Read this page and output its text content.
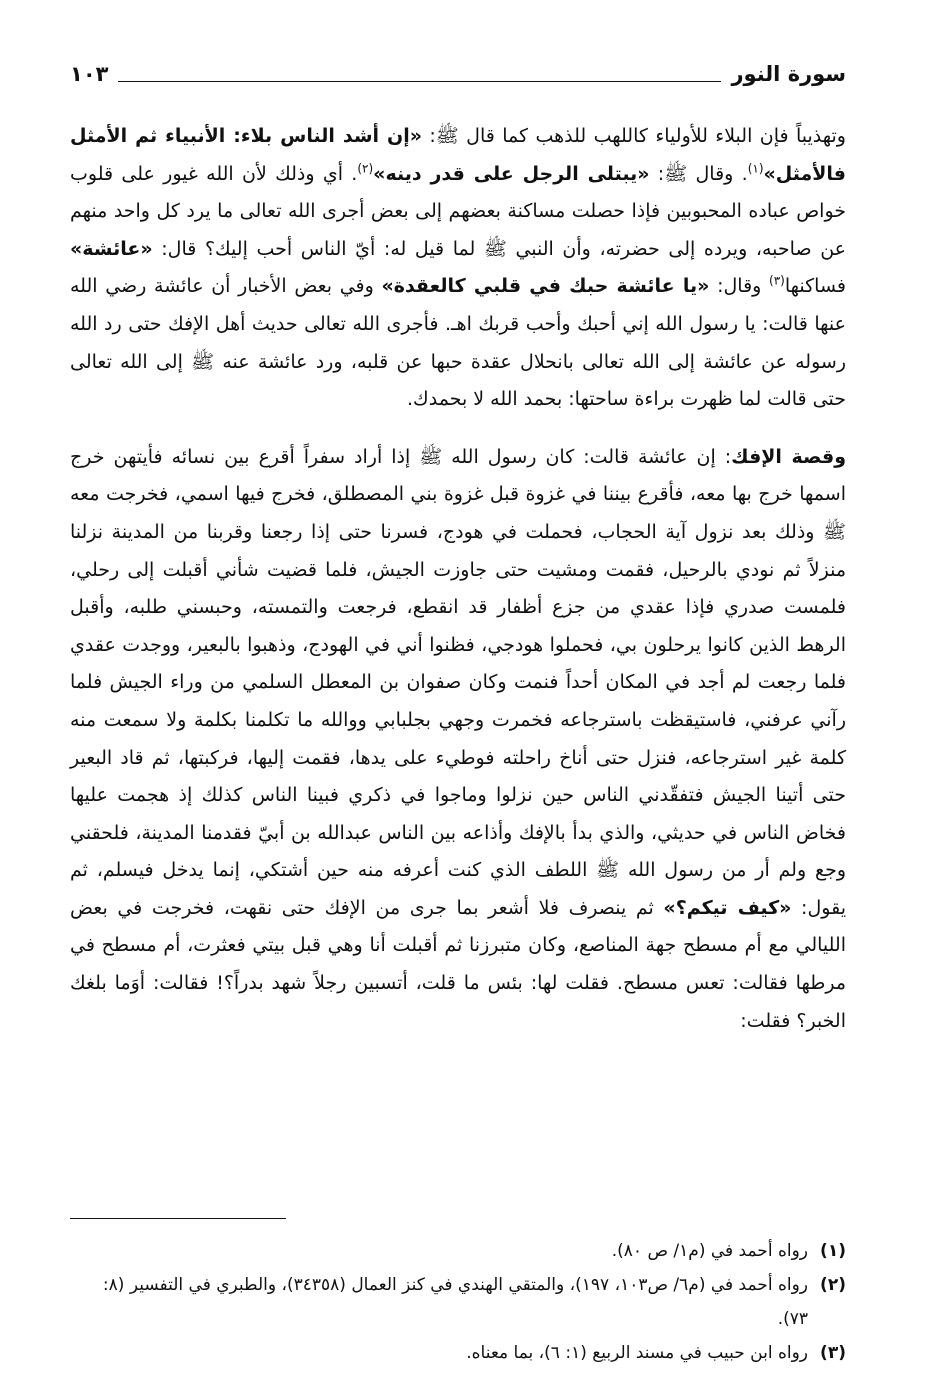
سورة النور
١٠٣

وتهذيباً فإن البلاء للأولياء كاللهب للذهب كما قال ﷺ: «إن أشد الناس بلاء: الأنبياء ثم الأمثل فالأمثل»$^{(١)}$. وقال ﷺ: «يبتلى الرجل على قدر دينه»$^{(٢)}$. أي وذلك لأن الله غيور على قلوب خواص عباده المحبوبين فإذا حصلت مساكنة بعضهم إلى بعض أجرى الله تعالى ما يرد كل واحد منهم عن صاحبه، ويرده إلى حضرته، وأن النبي ﷺ لما قيل له: أيّ الناس أحب إليك؟ قال: «عائشة» فساكنها$^{(٣)}$ وقال: «يا عائشة حبك في قلبي كالعقدة» وفي بعض الأخبار أن عائشة رضي الله عنها قالت: يا رسول الله إني أحبك وأحب قربك اهـ. فأجرى الله تعالى حديث أهل الإفك حتى رد الله رسوله عن عائشة إلى الله تعالى بانحلال عقدة حبها عن قلبه، ورد عائشة عنه ﷺ إلى الله تعالى حتى قالت لما ظهرت براءة ساحتها: بحمد الله لا بحمدك.

وقصة الإفك: إن عائشة قالت: كان رسول الله ﷺ إذا أراد سفراً أقرع بين نسائه فأيتهن خرج اسمها خرج بها معه، فأقرع بيننا في غزوة قبل غزوة بني المصطلق، فخرج فيها اسمي، فخرجت معه ﷺ وذلك بعد نزول آية الحجاب، فحملت في هودج، فسرنا حتى إذا رجعنا وقربنا من المدينة نزلنا منزلاً ثم نودي بالرحيل، فقمت ومشيت حتى جاوزت الجيش، فلما قضيت شأني أقبلت إلى رحلي، فلمست صدري فإذا عقدي من جزع أظفار قد انقطع، فرجعت والتمسته، وحبسني طلبه، وأقبل الرهط الذين كانوا يرحلون بي، فحملوا هودجي، فظنوا أني في الهودج، وذهبوا بالبعير، ووجدت عقدي فلما رجعت لم أجد في المكان أحداً فنمت وكان صفوان بن المعطل السلمي من وراء الجيش فلما رآني عرفني، فاستيقظت باسترجاعه فخمرت وجهي بجلبابي ووالله ما تكلمنا بكلمة ولا سمعت منه كلمة غير استرجاعه، فنزل حتى أناخ راحلته فوطيء على يدها، فقمت إليها، فركبتها، ثم قاد البعير حتى أتينا الجيش فتفقّدني الناس حين نزلوا وماجوا في ذكري فبينا الناس كذلك إذ هجمت عليها فخاض الناس في حديثي، والذي بدأ بالإفك وأذاعه بين الناس عبدالله بن أبيّ فقدمنا المدينة، فلحقني وجع ولم أر من رسول الله ﷺ اللطف الذي كنت أعرفه منه حين أشتكي، إنما يدخل فيسلم، ثم يقول: «كيف تيكم؟» ثم ينصرف فلا أشعر بما جرى من الإفك حتى نقهت، فخرجت في بعض الليالي مع أم مسطح جهة المناصع، وكان متبرزنا ثم أقبلت أنا وهي قبل بيتي فعثرت، أم مسطح في مرطها فقالت: تعس مسطح. فقلت لها: بئس ما قلت، أتسبين رجلاً شهد بدراً؟! فقالت: أوَما بلغك الخبر؟ فقلت:

(١)
رواه أحمد في (م١/ ص ٨٠).
(٢)
رواه أحمد في (م٦/ ص١٠٣، ١٩٧)، والمتقي الهندي في كنز العمال (٣٤٣٥٨)، والطبري في التفسير (٨: ٧٣).
(٣)
رواه ابن حبيب في مسند الربيع (١: ٦)، بما معناه.
